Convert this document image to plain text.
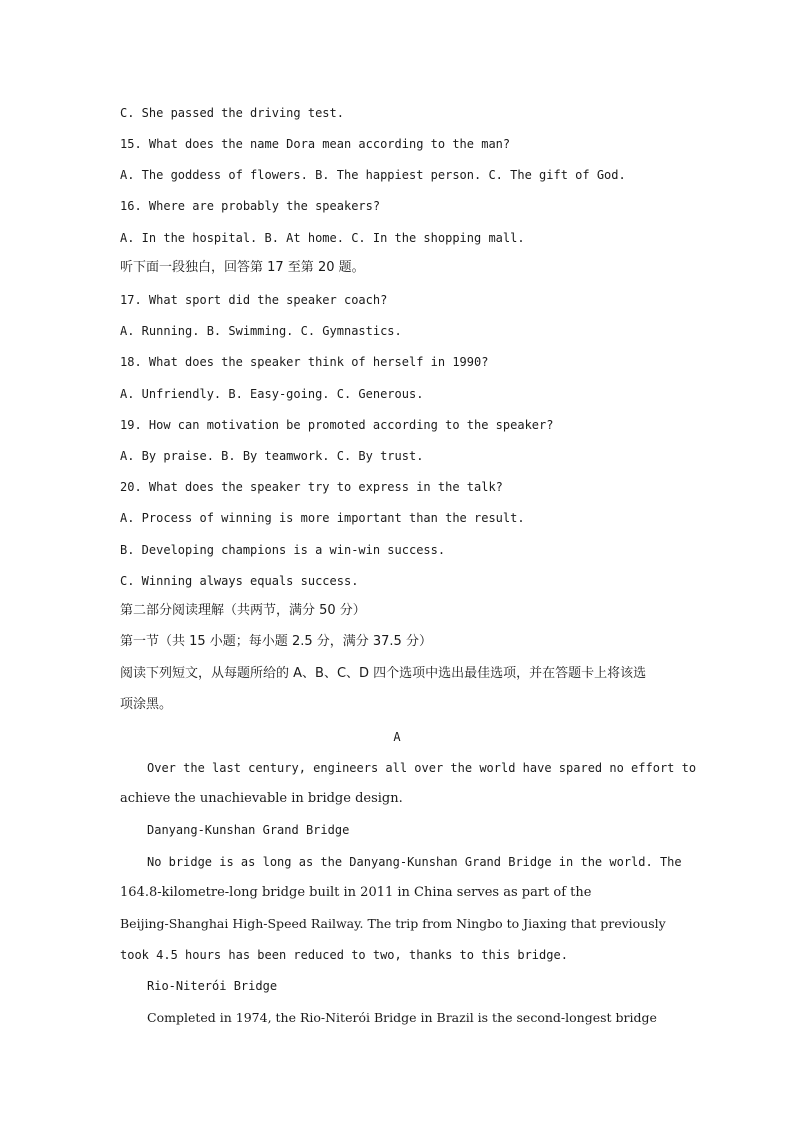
C. She passed the driving test.
15. What does the name Dora mean according to the man?
A. The goddess of flowers. B. The happiest person. C. The gift of God.
16. Where are probably the speakers?
A. In the hospital. B. At home. C. In the shopping mall.
听下面一段独白，回答第 17 至第 20 题。
17. What sport did the speaker coach?
A. Running. B. Swimming. C. Gymnastics.
18. What does the speaker think of herself in 1990?
A. Unfriendly. B. Easy-going. C. Generous.
19. How can motivation be promoted according to the speaker?
A. By praise. B. By teamwork. C. By trust.
20. What does the speaker try to express in the talk?
A. Process of winning is more important than the result.
B. Developing champions is a win-win success.
C. Winning always equals success.
第二部分阅读理解（共两节，满分 50 分）
第一节（共 15 小题；每小题 2.5 分，满分 37.5 分）
阅读下列短文，从每题所给的 A、B、C、D 四个选项中选出最佳选项，并在答题卡上将该选
项涂黑。
A
Over the last century, engineers all over the world have spared no effort to
achieve the unachievable in bridge design.
Danyang-Kunshan Grand Bridge
No bridge is as long as the Danyang-Kunshan Grand Bridge in the world. The
164.8-kilometre-long bridge built in 2011 in China serves as part of the
Beijing-Shanghai High-Speed Railway. The trip from Ningbo to Jiaxing that previously
took 4.5 hours has been reduced to two, thanks to this bridge.
Rio-Niterói Bridge
Completed in 1974, the Rio-Niterói Bridge in Brazil is the second-longest bridge
